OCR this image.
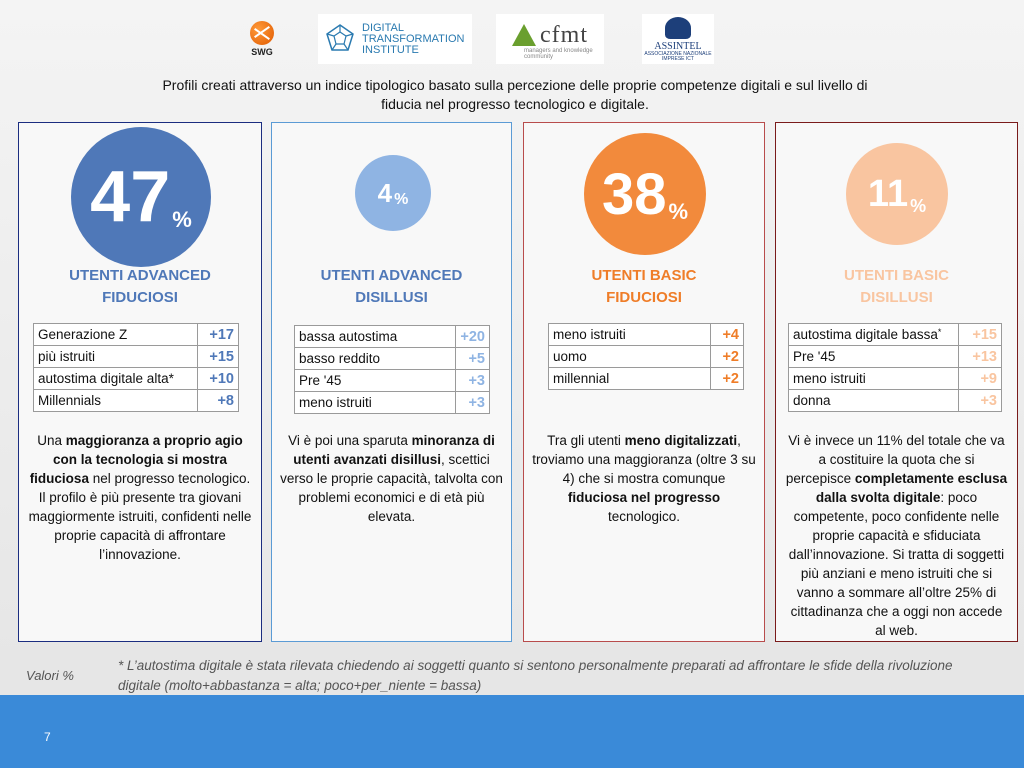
SWG
DIGITAL
TRANSFORMATION
INSTITUTE
cfmt
managers and knowledge community
ASSINTEL
ASSOCIAZIONE NAZIONALE IMPRESE ICT

Profili creati attraverso un indice tipologico basato sulla percezione delle proprie competenze digitali e sul livello di fiducia nel progresso tecnologico e digitale.

47 %

UTENTI ADVANCED
FIDUCIOSI

Generazione Z	+17
più istruiti	+15
autostima digitale alta*	+10
Millennials	+8

Una maggioranza a proprio agio con la tecnologia si mostra fiduciosa nel progresso tecnologico. Il profilo è più presente tra giovani maggiormente istruiti, confidenti nelle proprie capacità di affrontare l’innovazione.

4 %

UTENTI ADVANCED
DISILLUSI

bassa autostima	+20
basso reddito	+5
Pre '45	+3
meno istruiti	+3

Vi è poi una sparuta minoranza di utenti avanzati disillusi, scettici verso le proprie capacità, talvolta con problemi economici e di età più elevata.

38 %

UTENTI BASIC
FIDUCIOSI

meno istruiti	+4
uomo	+2
millennial	+2

Tra gli utenti meno digitalizzati, troviamo una maggioranza (oltre 3 su 4) che si mostra comunque fiduciosa nel progresso tecnologico.

11 %

UTENTI BASIC
DISILLUSI

autostima digitale bassa*	+15
Pre '45	+13
meno istruiti	+9
donna	+3

Vi è invece un 11% del totale che va a costituire la quota che si percepisce completamente esclusa dalla svolta digitale: poco competente, poco confidente nelle proprie capacità e sfiduciata dall’innovazione. Si tratta di soggetti più anziani e meno istruiti che si vanno a sommare all’oltre 25% di cittadinanza che a oggi non accede al web.

Valori %

* L’autostima digitale è stata rilevata chiedendo ai soggetti quanto si sentono personalmente preparati ad affrontare le sfide della rivoluzione digitale (molto+abbastanza = alta; poco+per_niente = bassa)

7
